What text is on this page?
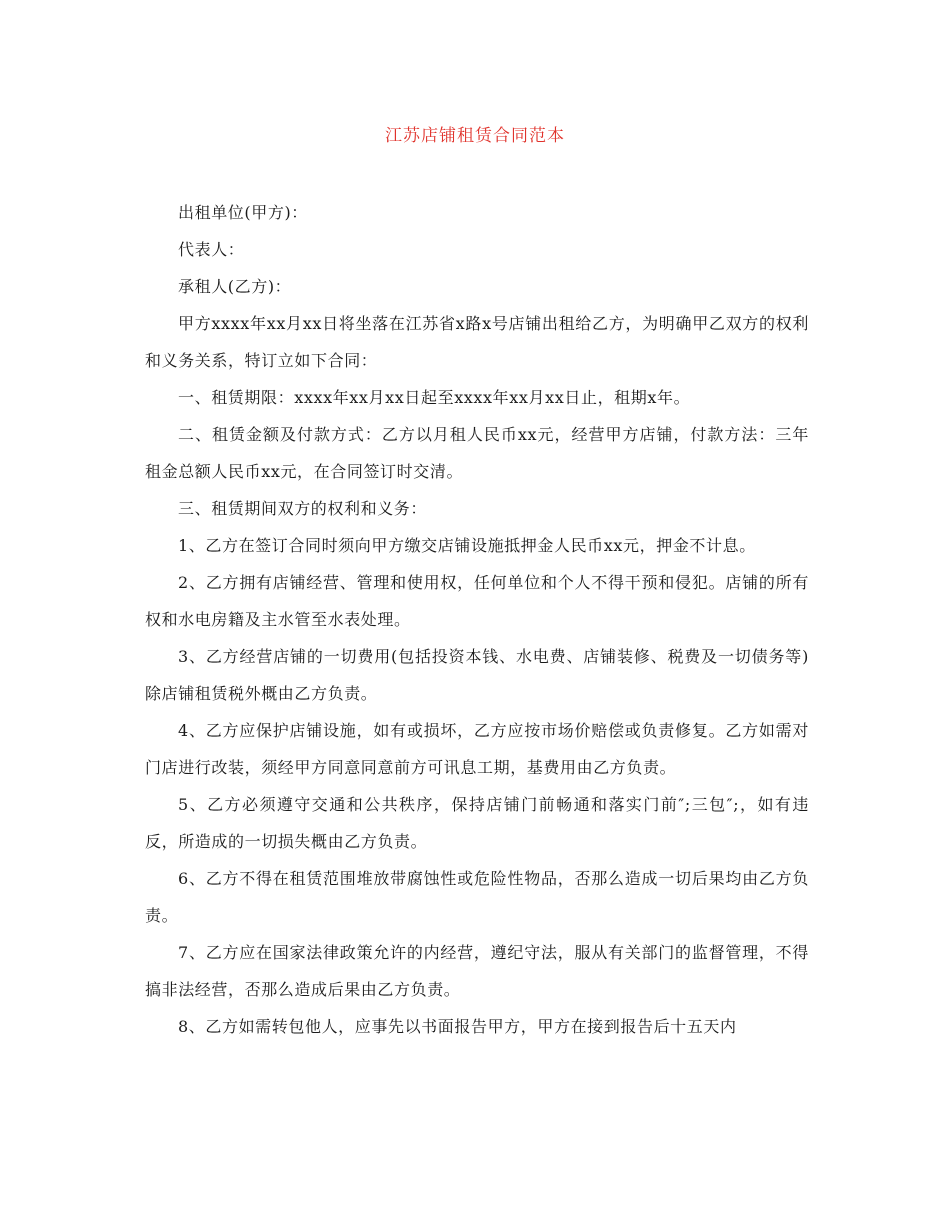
江苏店铺租赁合同范本

出租单位(甲方)：

代表人：

承租人(乙方)：

甲方xxxx年xx月xx日将坐落在江苏省x路x号店铺出租给乙方，为明确甲乙双方的权利和义务关系，特订立如下合同：

一、租赁期限：xxxx年xx月xx日起至xxxx年xx月xx日止，租期x年。

二、租赁金额及付款方式：乙方以月租人民币xx元，经营甲方店铺，付款方法：三年租金总额人民币xx元，在合同签订时交清。

三、租赁期间双方的权利和义务：

1、乙方在签订合同时须向甲方缴交店铺设施抵押金人民币xx元，押金不计息。

2、乙方拥有店铺经营、管理和使用权，任何单位和个人不得干预和侵犯。店铺的所有权和水电房籍及主水管至水表处理。

3、乙方经营店铺的一切费用(包括投资本钱、水电费、店铺装修、税费及一切债务等)除店铺租赁税外概由乙方负责。

4、乙方应保护店铺设施，如有或损坏，乙方应按市场价赔偿或负责修复。乙方如需对门店进行改装，须经甲方同意同意前方可讯息工期，基费用由乙方负责。

5、乙方必须遵守交通和公共秩序，保持店铺门前畅通和落实门前″;三包″;，如有违反，所造成的一切损失概由乙方负责。

6、乙方不得在租赁范围堆放带腐蚀性或危险性物品，否那么造成一切后果均由乙方负责。

7、乙方应在国家法律政策允许的内经营，遵纪守法，服从有关部门的监督管理，不得搞非法经营，否那么造成后果由乙方负责。

8、乙方如需转包他人，应事先以书面报告甲方，甲方在接到报告后十五天内
